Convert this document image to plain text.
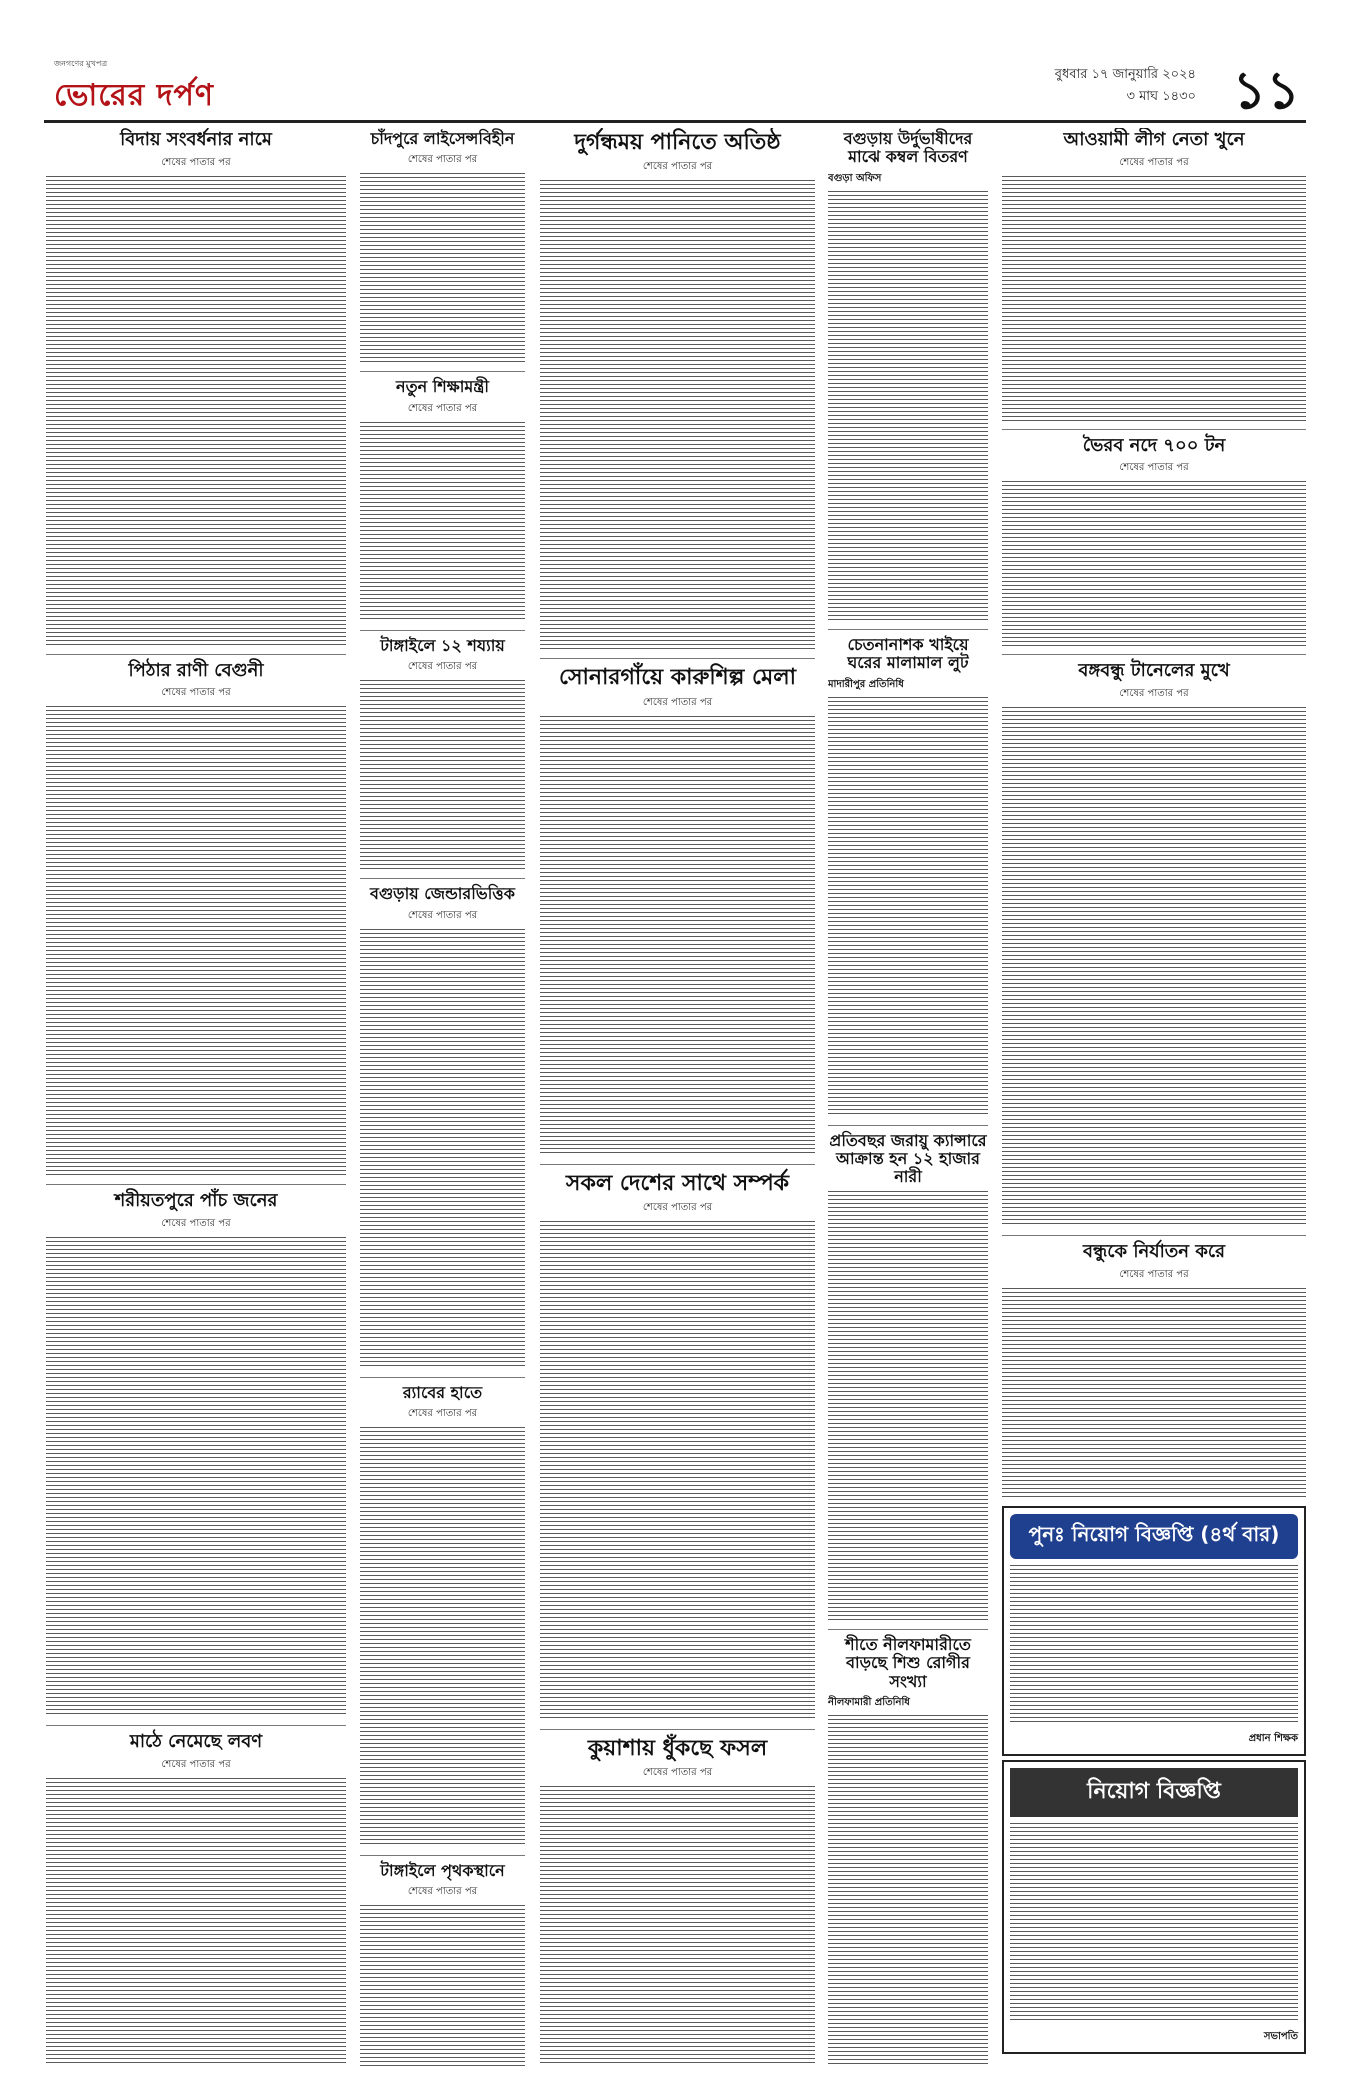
জনগণের মুখপত্র
ভোরের দর্পণ
বুধবার ১৭ জানুয়ারি ২০২৪
৩ মাঘ ১৪৩০ ১১
বিদায় সংবর্ধনার নামে
শেষের পাতার পর
পিঠার রাণী বেগুনী
শেষের পাতার পর
শরীয়তপুরে পাঁচ জনের
শেষের পাতার পর
মাঠে নেমেছে লবণ
শেষের পাতার পর
চাঁদপুরে লাইসেন্সবিহীন
শেষের পাতার পর
নতুন শিক্ষামন্ত্রী
শেষের পাতার পর
টাঙ্গাইলে ১২ শয্যায়
শেষের পাতার পর
বগুড়ায় জেন্ডারভিত্তিক
শেষের পাতার পর
র‍্যাবের হাতে
শেষের পাতার পর
টাঙ্গাইলে পৃথকস্থানে
শেষের পাতার পর
দুর্গন্ধময় পানিতে অতিষ্ঠ
শেষের পাতার পর
সোনারগাঁয়ে কারুশিল্প মেলা
শেষের পাতার পর
সকল দেশের সাথে সম্পর্ক
শেষের পাতার পর
কুয়াশায় ধুঁকছে ফসল
শেষের পাতার পর
বগুড়ায় উর্দুভাষীদের মাঝে কম্বল বিতরণ
বগুড়া অফিস
চেতনানাশক খাইয়ে ঘরের মালামাল লুট
মাদারীপুর প্রতিনিধি
প্রতিবছর জরায়ু ক্যান্সারে আক্রান্ত হন ১২ হাজার নারী
শীতে নীলফামারীতে বাড়ছে শিশু রোগীর সংখ্যা
নীলফামারী প্রতিনিধি
আওয়ামী লীগ নেতা খুনে
শেষের পাতার পর
ভৈরব নদে ৭০০ টন
শেষের পাতার পর
বঙ্গবন্ধু টানেলের মুখে
শেষের পাতার পর
বন্ধুকে নির্যাতন করে
শেষের পাতার পর
পুনঃ নিয়োগ বিজ্ঞপ্তি (৪র্থ বার)
প্রধান শিক্ষক
নিয়োগ বিজ্ঞপ্তি
সভাপতি
